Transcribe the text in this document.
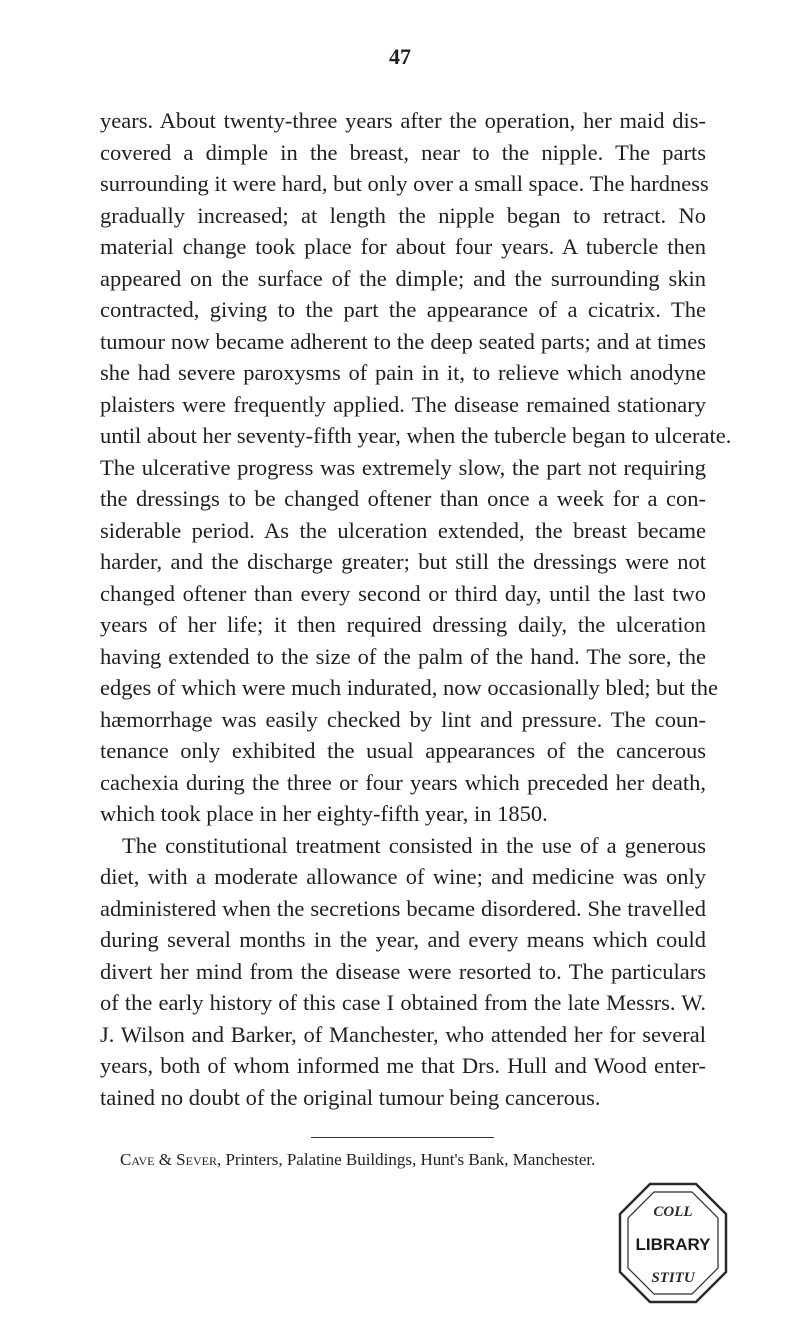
47
years. About twenty-three years after the operation, her maid dis-
covered a dimple in the breast, near to the nipple. The parts
surrounding it were hard, but only over a small space. The hardness
gradually increased; at length the nipple began to retract. No
material change took place for about four years. A tubercle then
appeared on the surface of the dimple; and the surrounding skin
contracted, giving to the part the appearance of a cicatrix. The
tumour now became adherent to the deep seated parts; and at times
she had severe paroxysms of pain in it, to relieve which anodyne
plaisters were frequently applied. The disease remained stationary
until about her seventy-fifth year, when the tubercle began to ulcerate.
The ulcerative progress was extremely slow, the part not requiring
the dressings to be changed oftener than once a week for a con-
siderable period. As the ulceration extended, the breast became
harder, and the discharge greater; but still the dressings were not
changed oftener than every second or third day, until the last two
years of her life; it then required dressing daily, the ulceration
having extended to the size of the palm of the hand. The sore, the
edges of which were much indurated, now occasionally bled; but the
hæmorrhage was easily checked by lint and pressure. The coun-
tenance only exhibited the usual appearances of the cancerous
cachexia during the three or four years which preceded her death,
which took place in her eighty-fifth year, in 1850.
The constitutional treatment consisted in the use of a generous
diet, with a moderate allowance of wine; and medicine was only
administered when the secretions became disordered. She travelled
during several months in the year, and every means which could
divert her mind from the disease were resorted to. The particulars
of the early history of this case I obtained from the late Messrs. W.
J. Wilson and Barker, of Manchester, who attended her for several
years, both of whom informed me that Drs. Hull and Wood enter-
tained no doubt of the original tumour being cancerous.
Cave & Sever, Printers, Palatine Buildings, Hunt's Bank, Manchester.
COLL
LIBRARY
STITU
